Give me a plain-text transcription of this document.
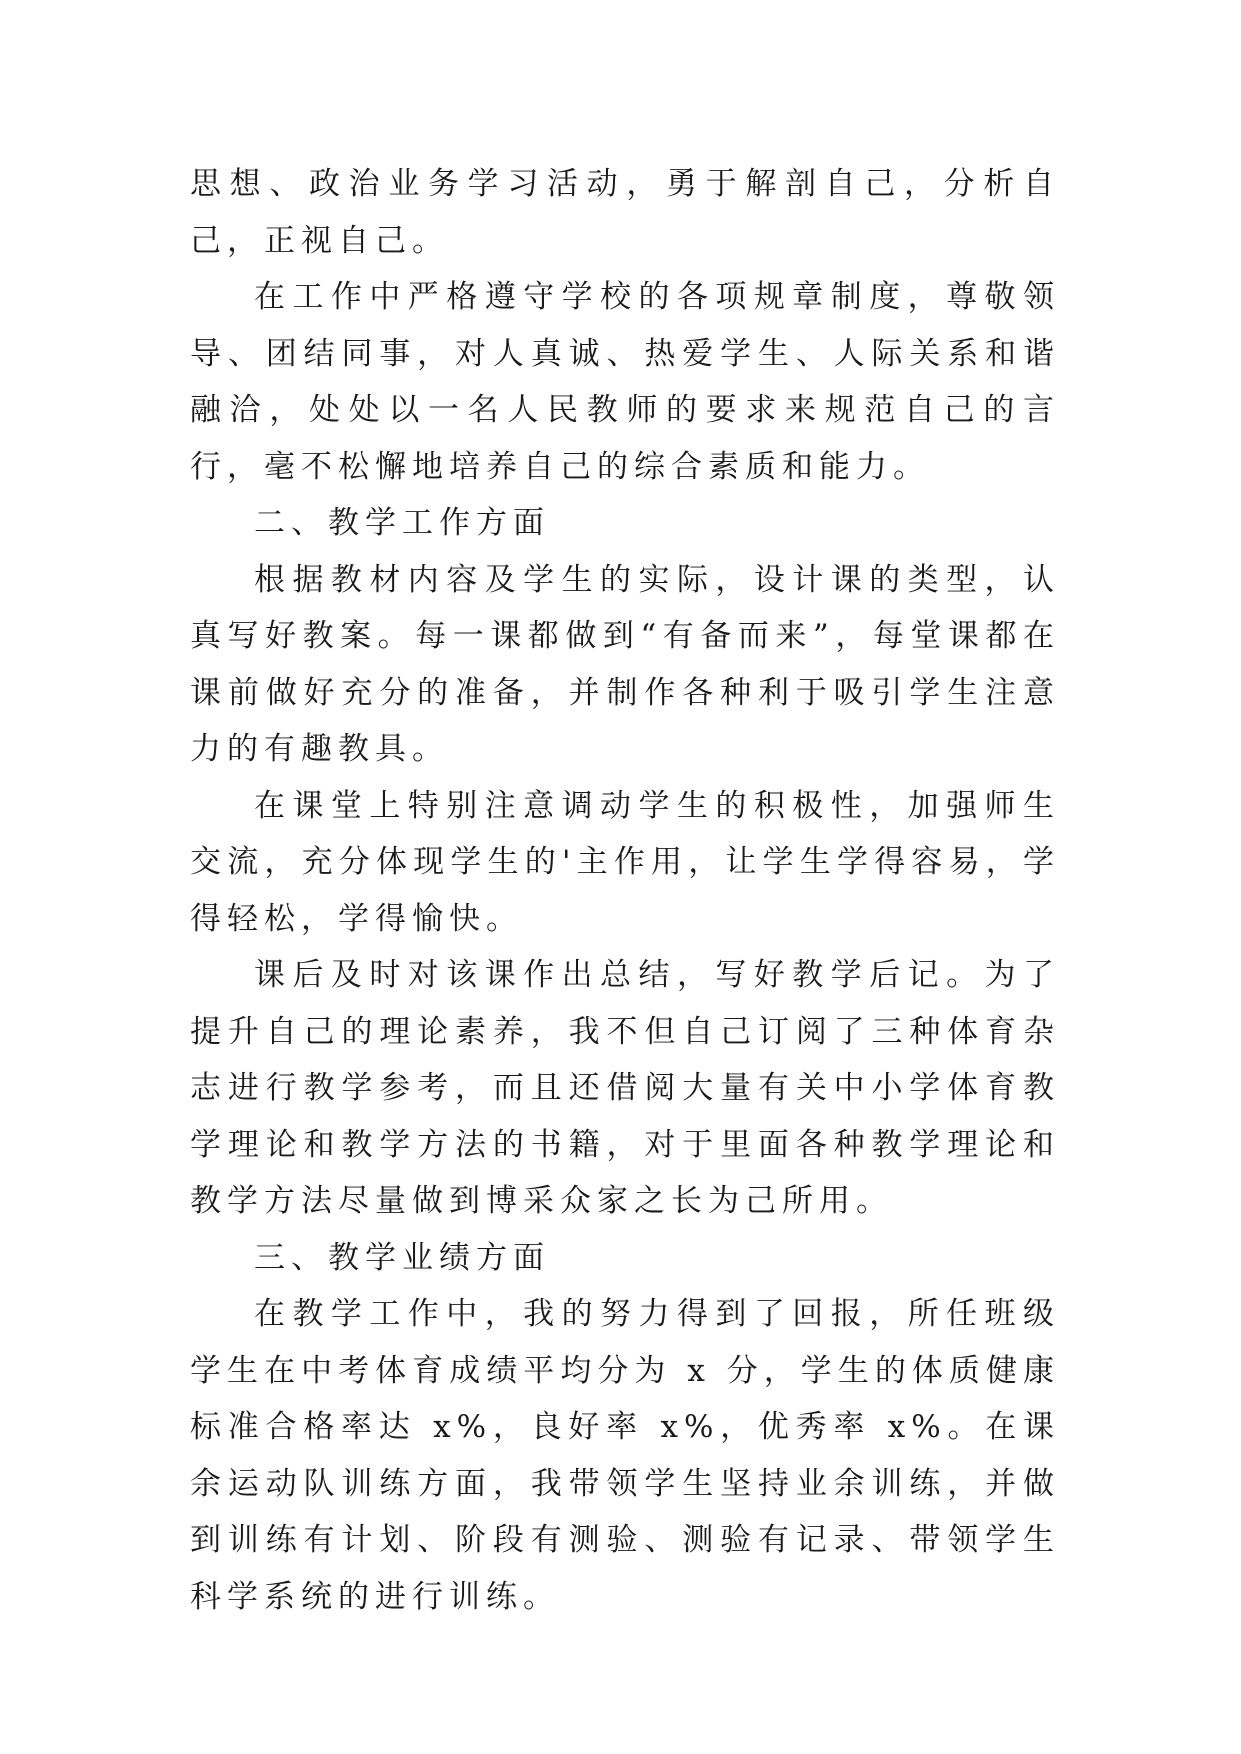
思想、政治业务学习活动，勇于解剖自己，分析自己，正视自己。

在工作中严格遵守学校的各项规章制度，尊敬领导、团结同事，对人真诚、热爱学生、人际关系和谐融洽，处处以一名人民教师的要求来规范自己的言行，毫不松懈地培养自己的综合素质和能力。

二、教学工作方面

根据教材内容及学生的实际，设计课的类型，认真写好教案。每一课都做到“有备而来”，每堂课都在课前做好充分的准备，并制作各种利于吸引学生注意力的有趣教具。

在课堂上特别注意调动学生的积极性，加强师生交流，充分体现学生的'主作用，让学生学得容易，学得轻松，学得愉快。

课后及时对该课作出总结，写好教学后记。为了提升自己的理论素养，我不但自己订阅了三种体育杂志进行教学参考，而且还借阅大量有关中小学体育教学理论和教学方法的书籍，对于里面各种教学理论和教学方法尽量做到博采众家之长为己所用。

三、教学业绩方面

在教学工作中，我的努力得到了回报，所任班级学生在中考体育成绩平均分为 x 分，学生的体质健康标准合格率达 x%，良好率 x%，优秀率 x%。在课余运动队训练方面，我带领学生坚持业余训练，并做到训练有计划、阶段有测验、测验有记录、带领学生科学系统的进行训练。
